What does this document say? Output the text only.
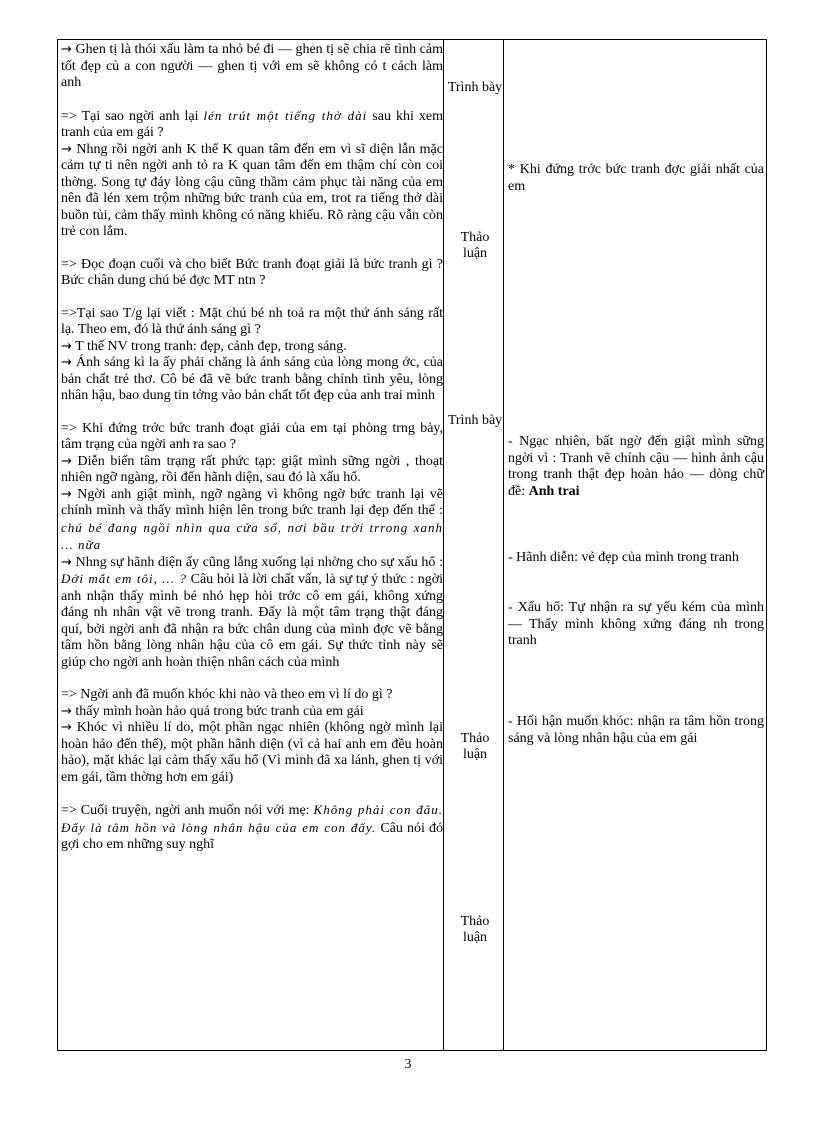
→ Ghen tị là thói xấu làm ta nhỏ bé đi — ghen tị sẽ chia rẽ tình cảm tốt đẹp củ a con người — ghen tị với em sẽ không có t cách làm anh

=> Tại sao ngời anh lại lén trút một tiếng thở dài sau khi xem tranh của em gái ?

→ Nhng rồi ngời anh K thể K quan tâm đến em vì sĩ diện lẫn mặc cảm tự ti nên ngời anh tỏ ra K quan tâm đến em thậm chí còn coi thờng. Song tự đáy lòng cậu cũng thầm cảm phục tài năng của em nên đã lén xem trộm những bức tranh của em, trot ra tiếng thở dài buồn tủi, cảm thấy mình không có năng khiếu. Rõ ràng cậu vẫn còn trẻ con lắm.

=> Đọc đoạn cuối và cho biết Bức tranh đoạt giải là bức tranh gì ? Bức chân dung chú bé đợc MT ntn ?

=>Tại sao T/g lại viết : Mặt chú bé nh toả ra một thứ ánh sáng rất lạ. Theo em, đó là thứ ánh sáng gì ?

→ T thế NV trong tranh: đẹp, cảnh đẹp, trong sáng.

→ Ánh sáng kì la ấy phải chăng là ánh sáng của lòng mong ớc, của bản chất trẻ thơ. Cô bé đã vẽ bức tranh bằng chính tình yêu, lòng nhân hậu, bao dung tin tởng vào bản chất tốt đẹp của anh trai mình

=> Khi đứng trớc bức tranh đoạt giải của em tại phòng trng bày, tâm trạng của ngời anh ra sao ?

→ Diễn biến tâm trạng rất phức tạp: giật mình sững ngời , thoạt nhiên ngỡ ngàng, rồi đến hãnh diện, sau đó là xấu hổ.

→ Ngời anh giật mình, ngỡ ngàng vì không ngờ bức tranh lại vẽ chính mình và thấy mình hiện lên trong bức tranh lại đẹp đến thế : chú bé đang ngồi nhìn qua cửa sổ, nơi bầu trời trrong xanh ... nữa

→ Nhng sự hãnh diện ấy cũng lắng xuống lại nhờng cho sự xấu hổ : Dới mắt em tôi, ... ? Câu hỏi là lời chất vấn, là sự tự ý thức : ngời anh nhận thấy mình bé nhỏ hẹp hòi trớc cô em gái, không xứng đáng nh nhân vật vẽ trong tranh. Đấy là một tâm trạng thật đáng quí, bởi ngời anh đã nhận ra bức chân dung của mình đợc vẽ bằng tâm hồn bằng lòng nhân hậu của cô em gái. Sự thức tỉnh này sẽ giúp cho ngời anh hoàn thiện nhân cách của mình

=> Ngời anh đã muốn khóc khi nào và theo em vì lí do gì ?

→ thấy mình hoàn hảo quá trong bức tranh của em gái

→ Khóc vì nhiều lí do, một phần ngạc nhiên (không ngờ mình lại hoàn hảo đến thế), một phần hãnh diện (vì cả hai anh em đều hoàn hảo), mặt khác lại cảm thấy xấu hổ (Vì mình đã xa lánh, ghen tị với em gái, tầm thờng hơn em gái)

=> Cuối truyện, ngời anh muốn nói với mẹ: Không phải con đâu. Đấy là tâm hồn và lòng nhân hậu của em con đấy. Câu nói đó gợi cho em những suy nghĩ

Trình bày
Thảo luận
Trình bày
Thảo luận
Thảo luận

* Khi đứng trớc bức tranh đợc giải nhất của em

- Ngạc nhiên, bất ngờ đến giật mình sững ngời vì : Tranh vẽ chính cậu — hình ảnh cậu trong tranh thật đẹp hoàn hảo — dòng chữ đề: Anh trai

- Hãnh diễn: vẻ đẹp của mình trong tranh

- Xấu hổ: Tự nhận ra sự yếu kém của mình — Thấy mình không xứng đáng nh trong tranh

- Hối hận muốn khóc: nhận ra tâm hồn trong sáng và lòng nhân hậu của em gái

3
